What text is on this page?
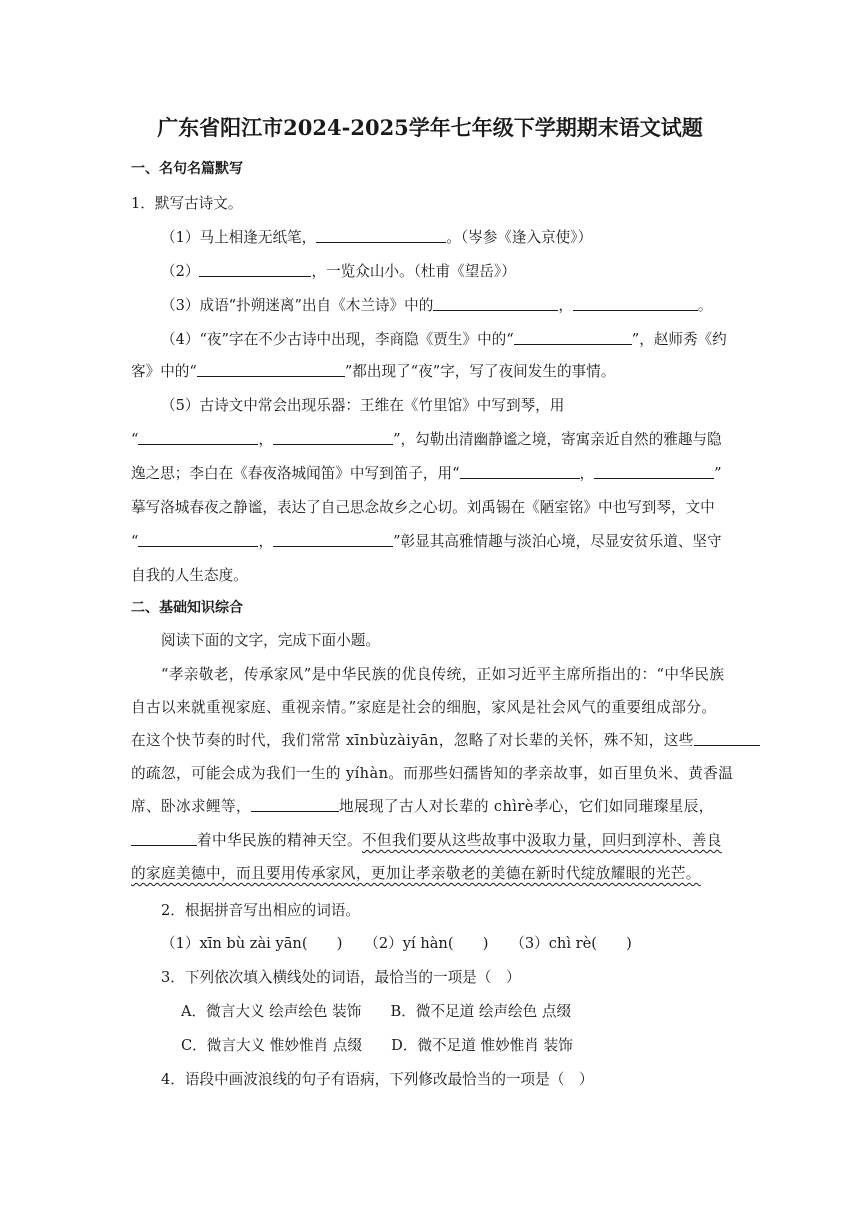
广东省阳江市2024-2025学年七年级下学期期末语文试题
一、名句名篇默写
1．默写古诗文。
（1）马上相逢无纸笔，	。（岑参《逢入京使》）
（2）	，一览众山小。（杜甫《望岳》）
（3）成语“扑朔迷离”出自《木兰诗》中的	，	。
（4）“夜”字在不少古诗中出现，李商隐《贾生》中的“	”，赵师秀《约
客》中的“	”都出现了“夜”字，写了夜间发生的事情。
（5）古诗文中常会出现乐器：王维在《竹里馆》中写到琴，用
“	，	”，勾勒出清幽静谧之境，寄寓亲近自然的雅趣与隐
逸之思；李白在《春夜洛城闻笛》中写到笛子，用“	，	”
摹写洛城春夜之静谧，表达了自己思念故乡之心切。刘禹锡在《陋室铭》中也写到琴，文中
“	，	”彰显其高雅情趣与淡泊心境，尽显安贫乐道、坚守
自我的人生态度。
二、基础知识综合
阅读下面的文字，完成下面小题。
“孝亲敬老，传承家风”是中华民族的优良传统，正如习近平主席所指出的：“中华民族
自古以来就重视家庭、重视亲情。”家庭是社会的细胞，家风是社会风气的重要组成部分。
在这个快节奏的时代，我们常常 xīnbùzàiyān，忽略了对长辈的关怀，殊不知，这些
的疏忽，可能会成为我们一生的 yíhàn。而那些妇孺皆知的孝亲故事，如百里负米、黄香温
席、卧冰求鲤等，	地展现了古人对长辈的 chìrè孝心，它们如同璀璨星辰，
着中华民族的精神天空。不但我们要从这些故事中汲取力量，回归到淳朴、善良
的家庭美德中，而且要用传承家风，更加让孝亲敬老的美德在新时代绽放耀眼的光芒。
2．根据拼音写出相应的词语。
（1）xīn bù zài yān(　　)　　（2）yí hàn(　　)　　（3）chì rè(　　)
3．下列依次填入横线处的词语，最恰当的一项是（　）
A．微言大义 绘声绘色 装饰　　B．微不足道 绘声绘色 点缀
C．微言大义 惟妙惟肖 点缀　　D．微不足道 惟妙惟肖 装饰
4．语段中画波浪线的句子有语病，下列修改最恰当的一项是（　）
